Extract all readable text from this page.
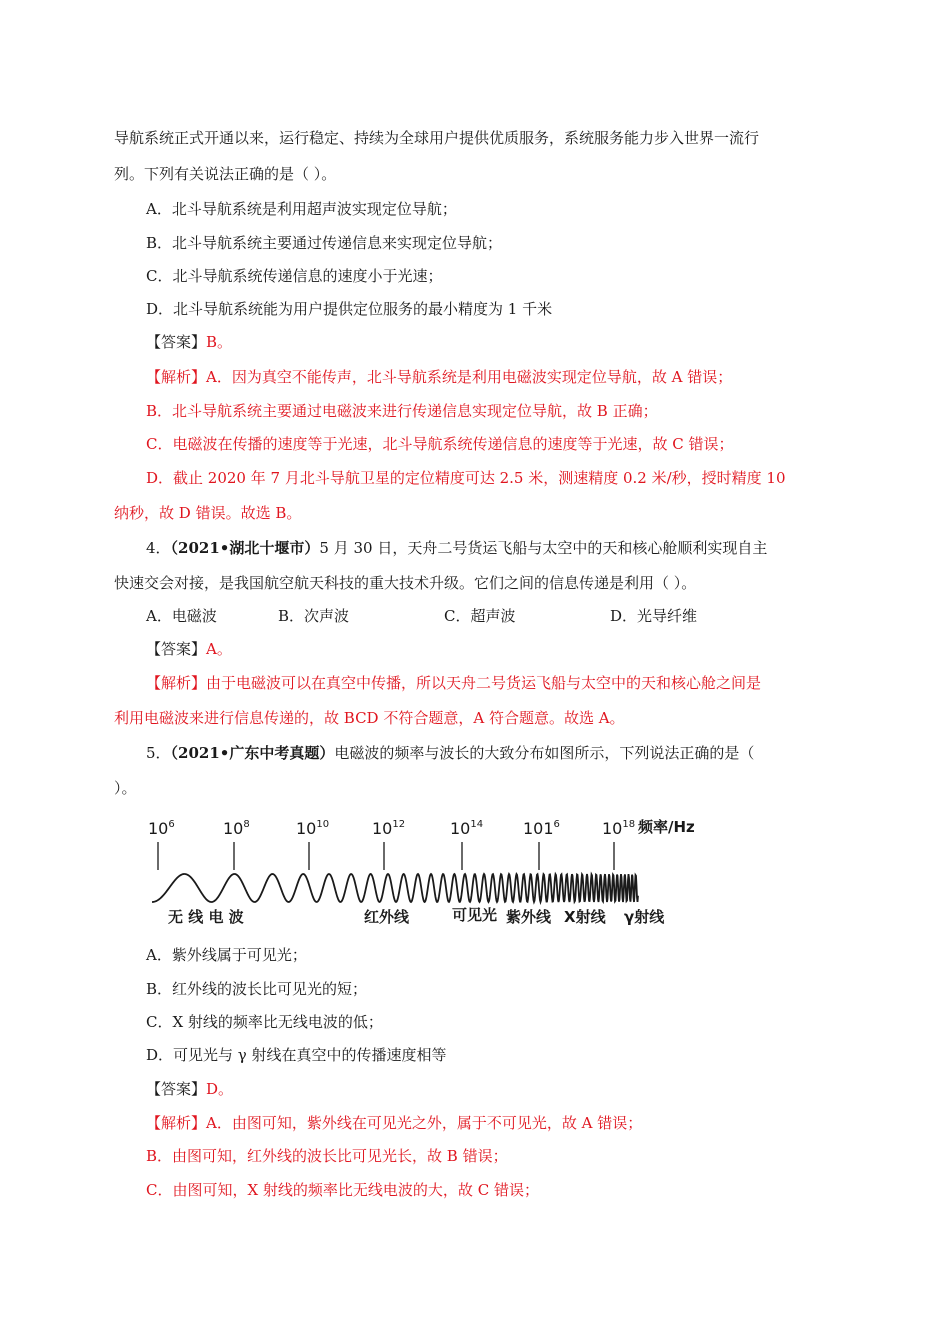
导航系统正式开通以来，运行稳定、持续为全球用户提供优质服务，系统服务能力步入世界一流行
列。下列有关说法正确的是（ ）。
A．北斗导航系统是利用超声波实现定位导航；
B．北斗导航系统主要通过传递信息来实现定位导航；
C．北斗导航系统传递信息的速度小于光速；
D．北斗导航系统能为用户提供定位服务的最小精度为 1 千米
【答案】B。
【解析】A．因为真空不能传声，北斗导航系统是利用电磁波实现定位导航，故 A 错误；
B．北斗导航系统主要通过电磁波来进行传递信息实现定位导航，故 B 正确；
C．电磁波在传播的速度等于光速，北斗导航系统传递信息的速度等于光速，故 C 错误；
D．截止 2020 年 7 月北斗导航卫星的定位精度可达 2.5 米，测速精度 0.2 米/秒，授时精度 10
纳秒，故 D 错误。故选 B。
4．（2021•湖北十堰市）5 月 30 日，天舟二号货运飞船与太空中的天和核心舱顺利实现自主
快速交会对接，是我国航空航天科技的重大技术升级。它们之间的信息传递是利用（ ）。
A．电磁波	B．次声波	C．超声波	D．光导纤维
【答案】A。
【解析】由于电磁波可以在真空中传播，所以天舟二号货运飞船与太空中的天和核心舱之间是
利用电磁波来进行信息传递的，故 BCD 不符合题意，A 符合题意。故选 A。
5．（2021•广东中考真题）电磁波的频率与波长的大致分布如图所示，下列说法正确的是（
）。
$10^6$	$10^8$	$10^{10}$	$10^{12}$	$10^{14}$ $101^6$	$10^{18}$ 频率/Hz
无 线 电 波	红外线	可见光 紫外线 X射线 γ射线
A．紫外线属于可见光；
B．红外线的波长比可见光的短；
C．X 射线的频率比无线电波的低；
D．可见光与 γ 射线在真空中的传播速度相等
【答案】D。
【解析】A．由图可知，紫外线在可见光之外，属于不可见光，故 A 错误；
B．由图可知，红外线的波长比可见光长，故 B 错误；
C．由图可知，X 射线的频率比无线电波的大，故 C 错误；
